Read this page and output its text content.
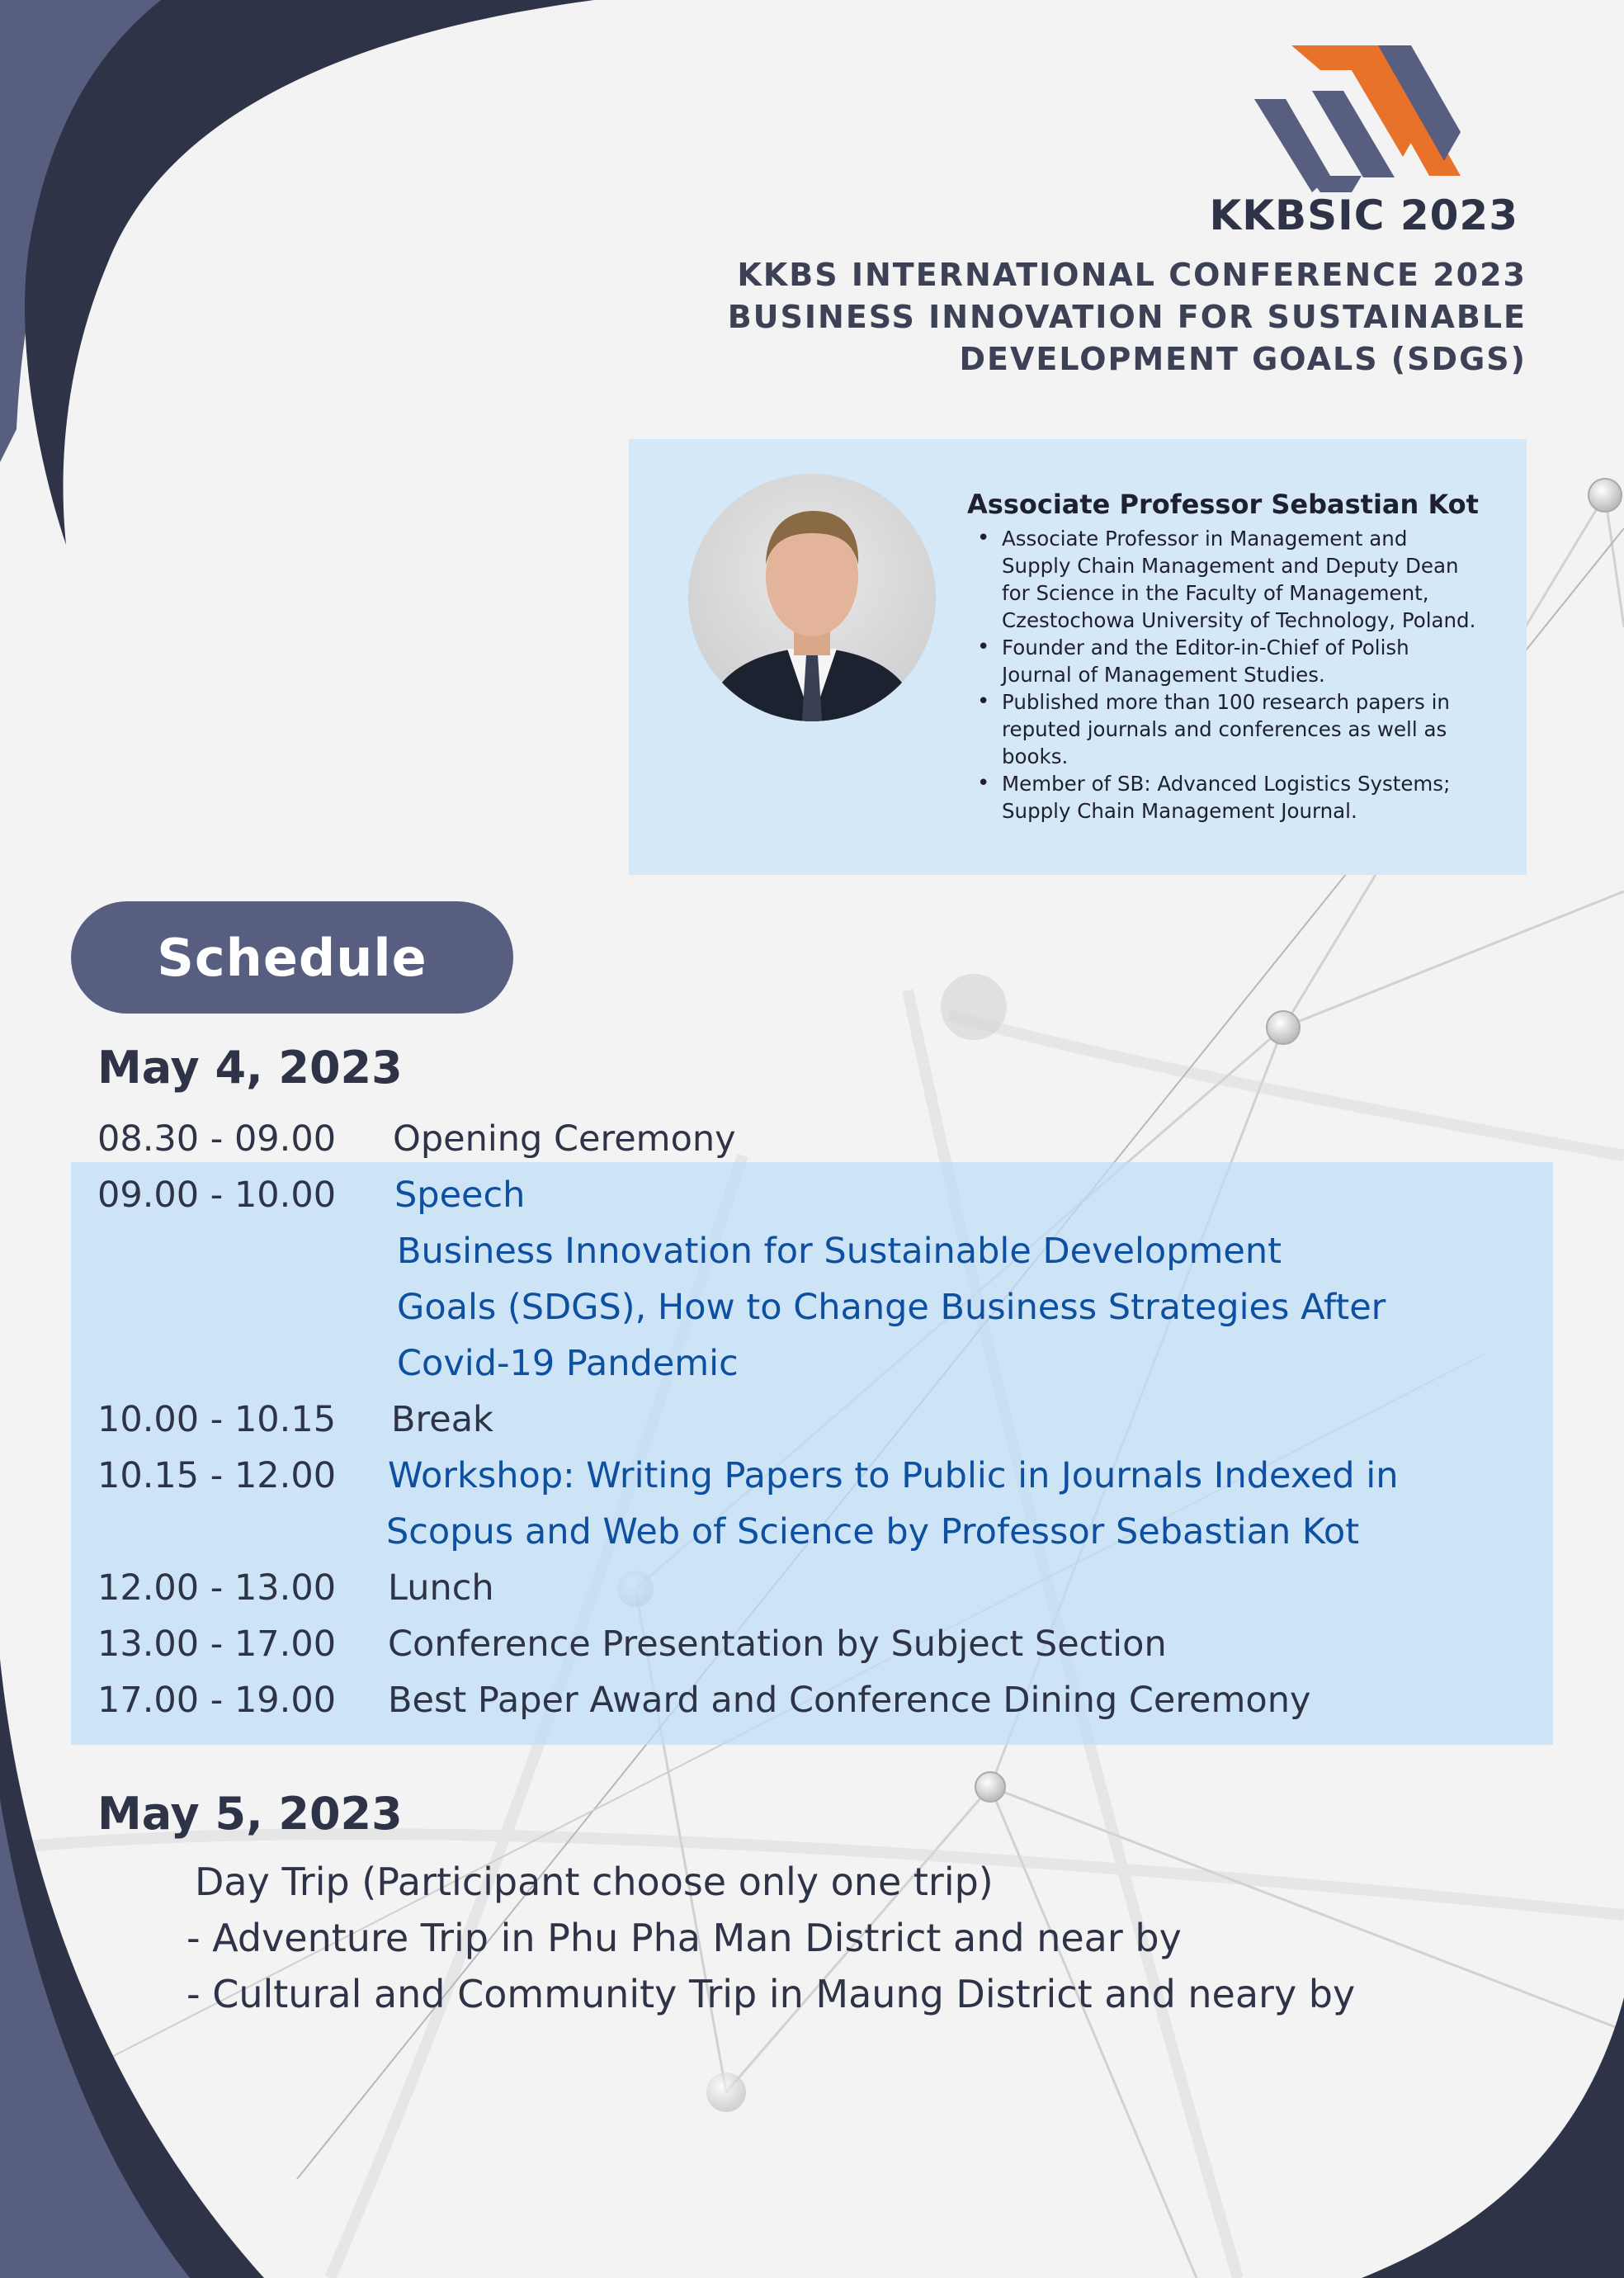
KKBSIC 2023
KKBS INTERNATIONAL CONFERENCE 2023
BUSINESS INNOVATION FOR SUSTAINABLE
DEVELOPMENT GOALS (SDGS)
Associate Professor Sebastian Kot
• Associate Professor in Management and
Supply Chain Management and Deputy Dean
for Science in the Faculty of Management,
Czestochowa University of Technology, Poland.
• Founder and the Editor-in-Chief of Polish
Journal of Management Studies.
• Published more than 100 research papers in
reputed journals and conferences as well as
books.
• Member of SB: Advanced Logistics Systems;
Supply Chain Management Journal.
Schedule
May 4, 2023
08.30 - 09.00 Opening Ceremony
09.00 - 10.00 Speech
Business Innovation for Sustainable Development
Goals (SDGS), How to Change Business Strategies After
Covid-19 Pandemic
10.00 - 10.15 Break
10.15 - 12.00 Workshop: Writing Papers to Public in Journals Indexed in
Scopus and Web of Science by Professor Sebastian Kot
12.00 - 13.00 Lunch
13.00 - 17.00 Conference Presentation by Subject Section
17.00 - 19.00 Best Paper Award and Conference Dining Ceremony
May 5, 2023
Day Trip (Participant choose only one trip)
- Adventure Trip in Phu Pha Man District and near by
- Cultural and Community Trip in Maung District and neary by
